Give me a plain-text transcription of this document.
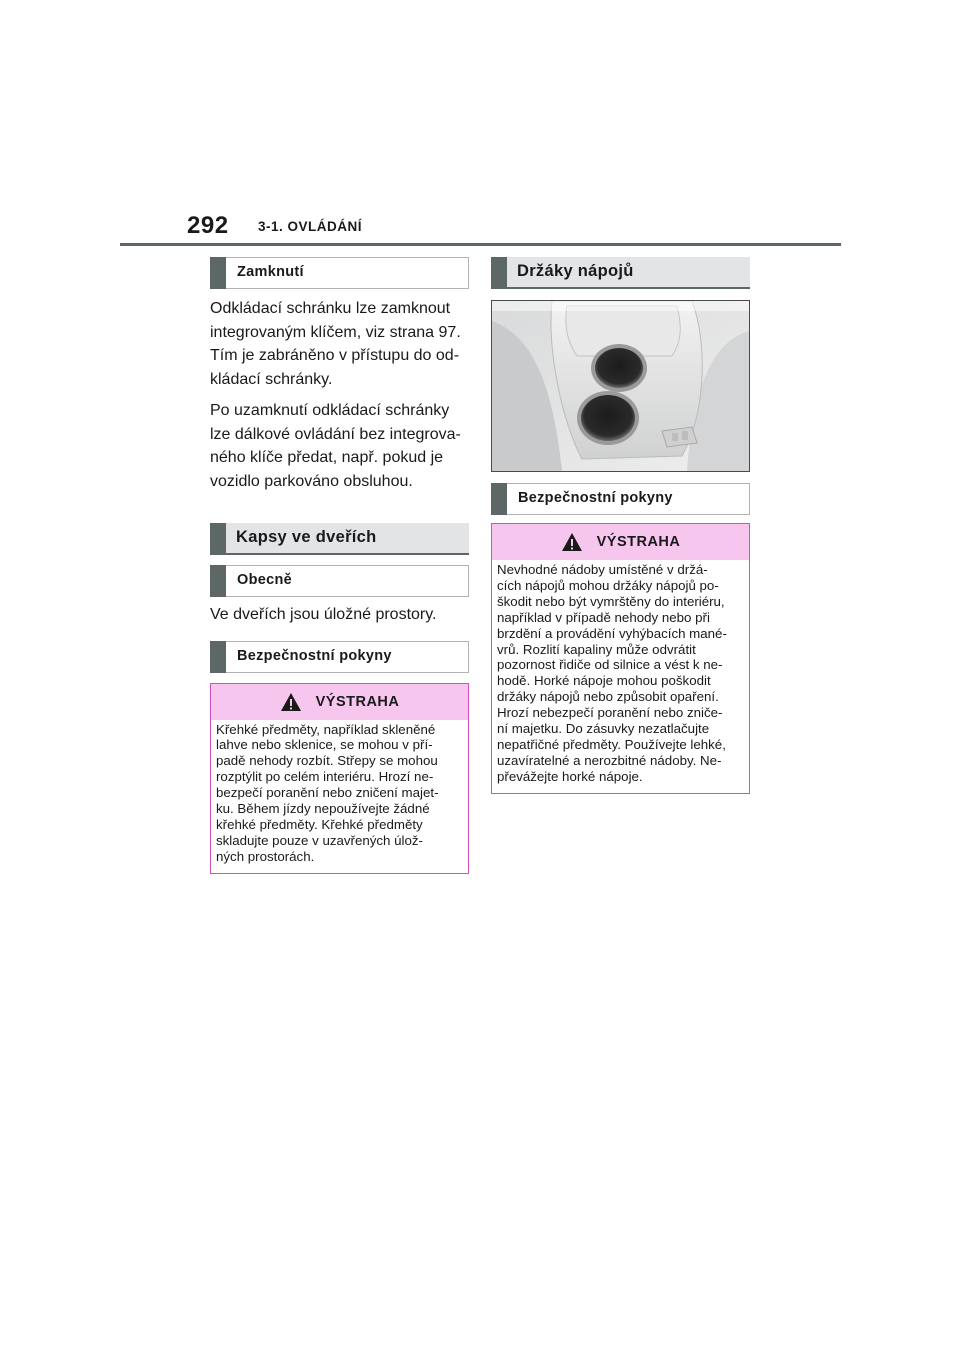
292 3-1. OVLÁDÁNÍ
Zamknutí

Odkládací schránku lze zamknout
integrovaným klíčem, viz strana 97.
Tím je zabráněno v přístupu do od-
kládací schránky.

Po uzamknutí odkládací schránky
lze dálkové ovládání bez integrova-
ného klíče předat, např. pokud je
vozidlo parkováno obsluhou.

Kapsy ve dveřích
Obecně

Ve dveřích jsou úložné prostory.

Bezpečnostní pokyny
VÝSTRAHA

Křehké předměty, například skleněné
lahve nebo sklenice, se mohou v pří-
padě nehody rozbít. Střepy se mohou
rozptýlit po celém interiéru. Hrozí ne-
bezpečí poranění nebo zničení majet-
ku. Během jízdy nepoužívejte žádné
křehké předměty. Křehké předměty
skladujte pouze v uzavřených úlož-
ných prostorách.

Držáky nápojů
Bezpečnostní pokyny
VÝSTRAHA

Nevhodné nádoby umístěné v držá-
cích nápojů mohou držáky nápojů po-
škodit nebo být vymrštěny do interiéru,
například v případě nehody nebo při
brzdění a provádění vyhýbacích mané-
vrů. Rozlití kapaliny může odvrátit
pozornost řidiče od silnice a vést k ne-
hodě. Horké nápoje mohou poškodit
držáky nápojů nebo způsobit opaření.
Hrozí nebezpečí poranění nebo zniče-
ní majetku. Do zásuvky nezatlačujte
nepatřičné předměty. Používejte lehké,
uzavíratelné a nerozbitné nádoby. Ne-
převážejte horké nápoje.
